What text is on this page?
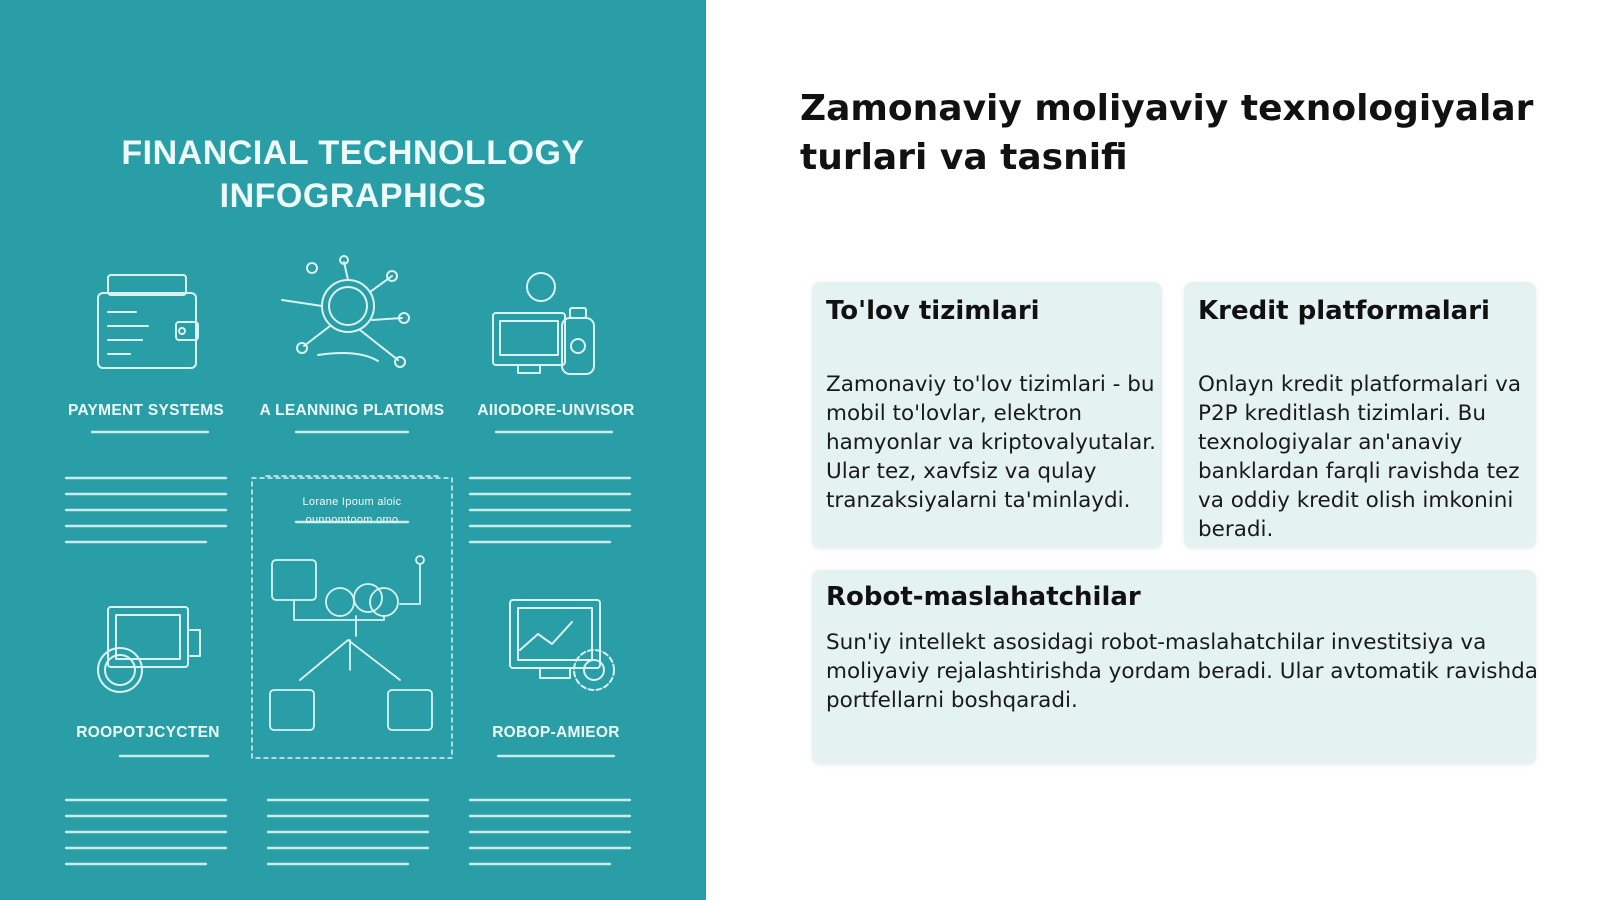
FINANCIAL TECHNOLLOGY
INFOGRAPHICS
PAYMENT SYSTEMS	A LEANNING PLATIOMS	AIIODORE-UNVISOR
ROOPOTJCYCTEN	ROBOP-AMIEOR
Lorane Ipoum aloic
ounnomtoom omo
Zamonaviy moliyaviy texnologiyalar turlari va tasnifi
To'lov tizimlari
Zamonaviy to'lov tizimlari - bu mobil to'lovlar, elektron hamyonlar va kriptovalyutalar. Ular tez, xavfsiz va qulay tranzaksiyalarni ta'minlaydi.
Kredit platformalari
Onlayn kredit platformalari va P2P kreditlash tizimlari. Bu texnologiyalar an'anaviy banklardan farqli ravishda tez va oddiy kredit olish imkonini beradi.
Robot-maslahatchilar
Sun'iy intellekt asosidagi robot-maslahatchilar investitsiya va moliyaviy rejalashtirishda yordam beradi. Ular avtomatik ravishda portfellarni boshqaradi.
